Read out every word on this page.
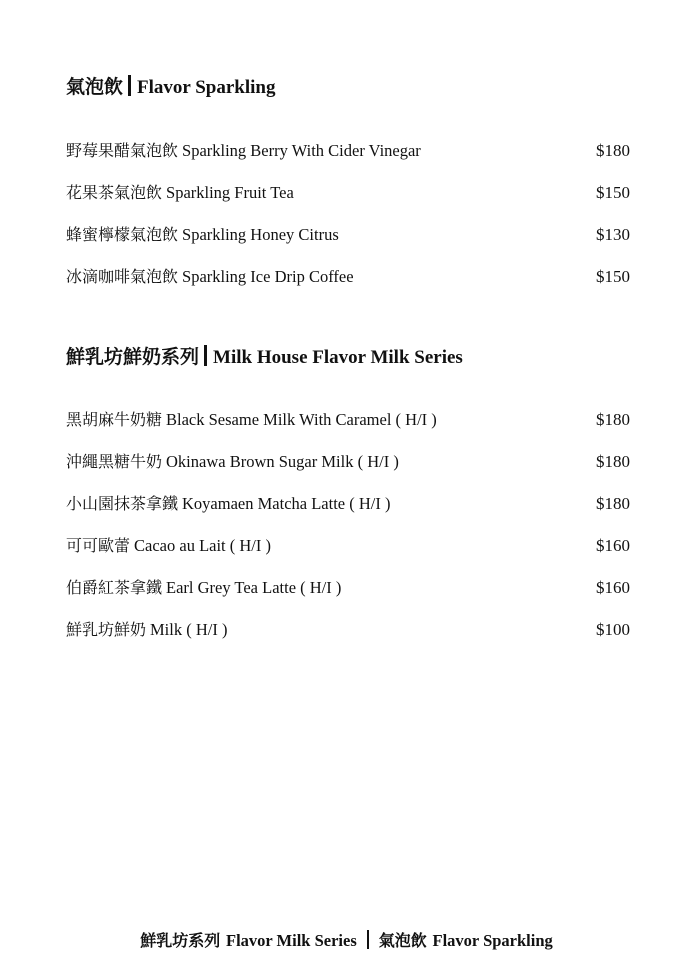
氣泡飲 Flavor Sparkling
野莓果醋氣泡飲 Sparkling Berry With Cider Vinegar	$180
花果茶氣泡飲 Sparkling Fruit Tea	$150
蜂蜜檸檬氣泡飲 Sparkling Honey Citrus	$130
冰滴咖啡氣泡飲 Sparkling Ice Drip Coffee	$150
鮮乳坊鮮奶系列 Milk House Flavor Milk Series
黑胡麻牛奶糖 Black Sesame Milk With Caramel ( H/I )	$180
沖繩黑糖牛奶 Okinawa Brown Sugar Milk ( H/I )	$180
小山園抹茶拿鐵 Koyamaen Matcha Latte ( H/I )	$180
可可歐蕾 Cacao au Lait ( H/I )	$160
伯爵紅茶拿鐵 Earl Grey Tea Latte ( H/I )	$160
鮮乳坊鮮奶 Milk ( H/I )	$100
鮮乳坊系列 Flavor Milk Series 氣泡飲 Flavor Sparkling
